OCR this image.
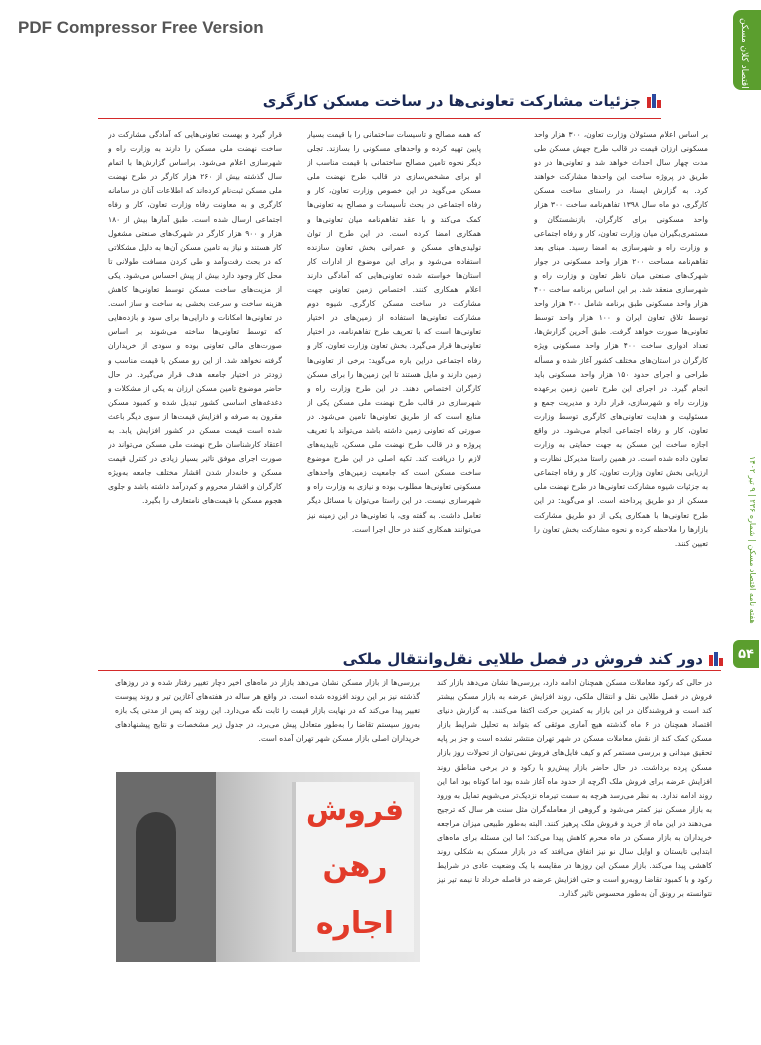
PDF Compressor Free Version	اقتصاد کلان مسکن
هفته نامه اقتصاد مسکن | شماره ۲۳۶ | ۹ تیر ۱۴۰۲
۵۴
جزئیات مشارکت تعاونی‌ها در ساخت مسکن کارگری

بر اساس اعلام مسئولان وزارت تعاون، ۳۰۰ هزار واحد مسکونی ارزان قیمت در قالب طرح جهش مسکن طی مدت چهار سال احداث خواهد شد و تعاونی‌ها در دو طریق در پروژه ساخت این واحدها مشارکت خواهند کرد. به گزارش ایسنا، در راستای ساخت مسکن کارگری، دو ماه سال ۱۳۹۸ تفاهم‌نامه ساخت ۳۰۰ هزار واحد مسکونی برای کارگران، بازنشستگان و مستمری‌بگیران میان وزارت تعاون، کار و رفاه اجتماعی و وزارت راه و شهرسازی به امضا رسید. مبنای بعد تفاهم‌نامه مساحت ۲۰۰ هزار واحد مسکونی در جوار شهرک‌های صنعتی میان ناظر تعاون و وزارت راه و شهرسازی منعقد شد. بر این اساس برنامه ساخت ۴۰۰ هزار واحد مسکونی طبق برنامه شامل ۳۰۰ هزار واحد توسط تلاق تعاون ایران و ۱۰۰ هزار واحد توسط تعاونی‌ها صورت خواهد گرفت. طبق آخرین گزارش‌ها، تعداد ادواری ساخت ۴۰۰ هزار واحد مسکونی ویژه کارگران در استان‌های مختلف کشور آغاز شده و مسأله طراحی و اجرای حدود ۱۵۰ هزار واحد مسکونی باید انجام گیرد. در اجرای این طرح تامین زمین برعهده وزارت راه و شهرسازی، قرار دارد و مدیریت جمع و مسئولیت و هدایت تعاونی‌های کارگری توسط وزارت تعاون، کار و رفاه اجتماعی انجام می‌شود. در واقع اجازه ساخت این مسکن به جهت حمایتی به وزارت تعاون داده شده است. در همین راستا مدیرکل نظارت و ارزیابی بخش تعاون وزارت تعاون، کار و رفاه اجتماعی به جزئیات شیوه مشارکت تعاونی‌ها در طرح نهضت ملی مسکن از دو طریق پرداخته است. او می‌گوید: در این طرح تعاونی‌ها با همکاری یکی از دو طریق مشارکت بازارها را ملاحظه کرده و نحوه مشارکت بخش تعاون را تعیین کنند.

که همه مصالح و تاسیسات ساختمانی را با قیمت بسیار پایین تهیه کرده و واحدهای مسکونی را بسازند. تجلی دیگر نحوه تامین مصالح ساختمانی با قیمت مناسب از او برای مشخص‌سازی در قالب طرح نهضت ملی مسکن می‌گوید در این خصوص وزارت تعاون، کار و رفاه اجتماعی در بحث تأسیسات و مصالح به تعاونی‌ها کمک می‌کند و با عقد تفاهم‌نامه میان تعاونی‌ها و همکاری امضا کرده است. در این طرح از توان تولیدی‌های مسکن و عمرانی بخش تعاون سازنده استفاده می‌شود و برای این موضوع از ادارات کار استان‌ها خواسته شده تعاونی‌هایی که آمادگی دارند اعلام همکاری کنند. اختصاص زمین تعاونی جهت مشارکت در ساخت مسکن کارگری. شیوه دوم مشارکت تعاونی‌ها استفاده از زمین‌های در اختیار تعاونی‌ها است که با تعریف طرح تفاهم‌نامه، در اختیار تعاونی‌ها قرار می‌گیرد. بخش تعاون وزارت تعاون، کار و رفاه اجتماعی دراین باره می‌گوید: برخی از تعاونی‌ها زمین دارند و مایل هستند تا این زمین‌ها را برای مسکن کارگران اختصاص دهند. در این طرح وزارت راه و شهرسازی در قالب طرح نهضت ملی مسکن یکی از منابع است که از طریق تعاونی‌ها تامین می‌شود. در صورتی که تعاونی زمین داشته باشد می‌تواند با تعریف پروژه و در قالب طرح نهضت ملی مسکن، تاییدیه‌های لازم را دریافت کند. تکیه اصلی در این طرح موضوع ساخت مسکن است که جامعیت زمین‌های واحدهای مسکونی تعاونی‌ها مطلوب بوده و نیازی به وزارت راه و شهرسازی نیست. در این راستا می‌توان با مسائل دیگر تعامل داشت. به گفته وی، با تعاونی‌ها در این زمینه نیز می‌توانند همکاری کنند در حال اجرا است.

قرار گیرد و بهست تعاونی‌هایی که آمادگی مشارکت در ساخت نهضت ملی مسکن را دارند به وزارت راه و شهرسازی اعلام می‌شود. براساس گزارش‌ها با اتمام سال گذشته بیش از ۲۶۰ هزار کارگر در طرح نهضت ملی مسکن ثبت‌نام کرده‌اند که اطلاعات آنان در سامانه کارگری و به معاونت رفاه وزارت تعاون، کار و رفاه اجتماعی ارسال شده است. طبق آمارها بیش از ۱۸۰ هزار و ۹۰۰ هزار کارگر در شهرک‌های صنعتی مشغول کار هستند و نیاز به تامین مسکن آن‌ها به دلیل مشکلاتی که در بحث رفت‌وآمد و طی کردن مسافت طولانی تا محل کار وجود دارد بیش از پیش احساس می‌شود. یکی از مزیت‌های ساخت مسکن توسط تعاونی‌ها کاهش هزینه ساخت و سرعت بخشی به ساخت و ساز است. در تعاونی‌ها امکانات و دارایی‌ها برای سود و بازده‌هایی که توسط تعاونی‌ها ساخته می‌شوند بر اساس صورت‌های مالی تعاونی بوده و سودی از خریداران گرفته نخواهد شد. از این رو مسکن با قیمت مناسب و زودتر در اختیار جامعه هدف قرار می‌گیرد. در حال حاضر موضوع تامین مسکن ارزان به یکی از مشکلات و دغدغه‌های اساسی کشور تبدیل شده و کمبود مسکن مقرون به صرفه و افزایش قیمت‌ها از سوی دیگر باعث شده است قیمت مسکن در کشور افزایش یابد. به اعتقاد کارشناسان طرح نهضت ملی مسکن می‌تواند در صورت اجرای موفق تاثیر بسیار زیادی در کنترل قیمت مسکن و خانه‌دار شدن اقشار مختلف جامعه به‌ویژه کارگران و اقشار محروم و کم‌درآمد داشته باشد و جلوی هجوم مسکن با قیمت‌های نامتعارف را بگیرد.

دور کند فروش در فصل طلایی نقل‌وانتقال ملکی

در حالی که رکود معاملات مسکن همچنان ادامه دارد، بررسی‌ها نشان می‌دهد بازار کند فروش در فصل طلایی نقل و انتقال ملکی، روند افزایش عرضه به بازار مسکن بیشتر کند است و فروشندگان در این بازار به کمترین حرکت اکتفا می‌کنند. به گزارش دنیای اقتصاد همچنان در ۶ ماه گذشته هیچ آماری موثقی که بتواند به تحلیل شرایط بازار مسکن کمک کند از نقش معاملات مسکن در شهر تهران منتشر نشده است و جز بر پایه تحقیق میدانی و بررسی مستمر کم و کیف فایل‌های فروش نمی‌توان از تحولات روز بازار مسکن پرده برداشت. در حال حاضر بازار پیش‌رو با رکود و در برخی مناطق روند افزایش عرضه برای فروش ملک اگرچه از حدود ماه آغاز شده بود اما کوتاه بود اما این روند ادامه ندارد. به نظر می‌رسد هرچه به سمت تیرماه نزدیک‌تر می‌شویم تمایل به ورود به بازار مسکن نیز کمتر می‌شود و گروهی از معامله‌گران مثل سنت هر سال که ترجیح می‌دهند در این ماه از خرید و فروش ملک پرهیز کنند. البته به‌طور طبیعی میزان مراجعه خریداران به بازار مسکن در ماه محرم کاهش پیدا می‌کند؛ اما این مسئله برای ماه‌های ابتدایی تابستان و اوایل سال نو نیز اتفاق می‌افتد که در بازار مسکن به شکلی روند کاهشی پیدا می‌کند. بازار مسکن این روزها در مقایسه با یک وضعیت عادی در شرایط رکود و با کمبود تقاضا روبه‌رو است و حتی افزایش عرضه در فاصله خرداد تا نیمه تیر نیز نتوانسته بر رونق آن به‌طور محسوس تاثیر گذارد.

بررسی‌ها از بازار مسکن نشان می‌دهد بازار در ماه‌های اخیر دچار تغییر رفتار شده و در روزهای گذشته نیز بر این روند افزوده شده است. در واقع هر ساله در هفته‌های آغازین تیر و روند پیوست تغییر پیدا می‌کند که در نهایت بازار قیمت را ثابت نگه می‌دارد. این روند که پس از مدتی یک بازه به‌روز سیستم تقاضا را به‌طور متعادل پیش می‌برد، در جدول زیر مشخصات و نتایج پیشنهادهای خریداران اصلی بازار مسکن شهر تهران آمده است.

فروش
رهن
اجاره
